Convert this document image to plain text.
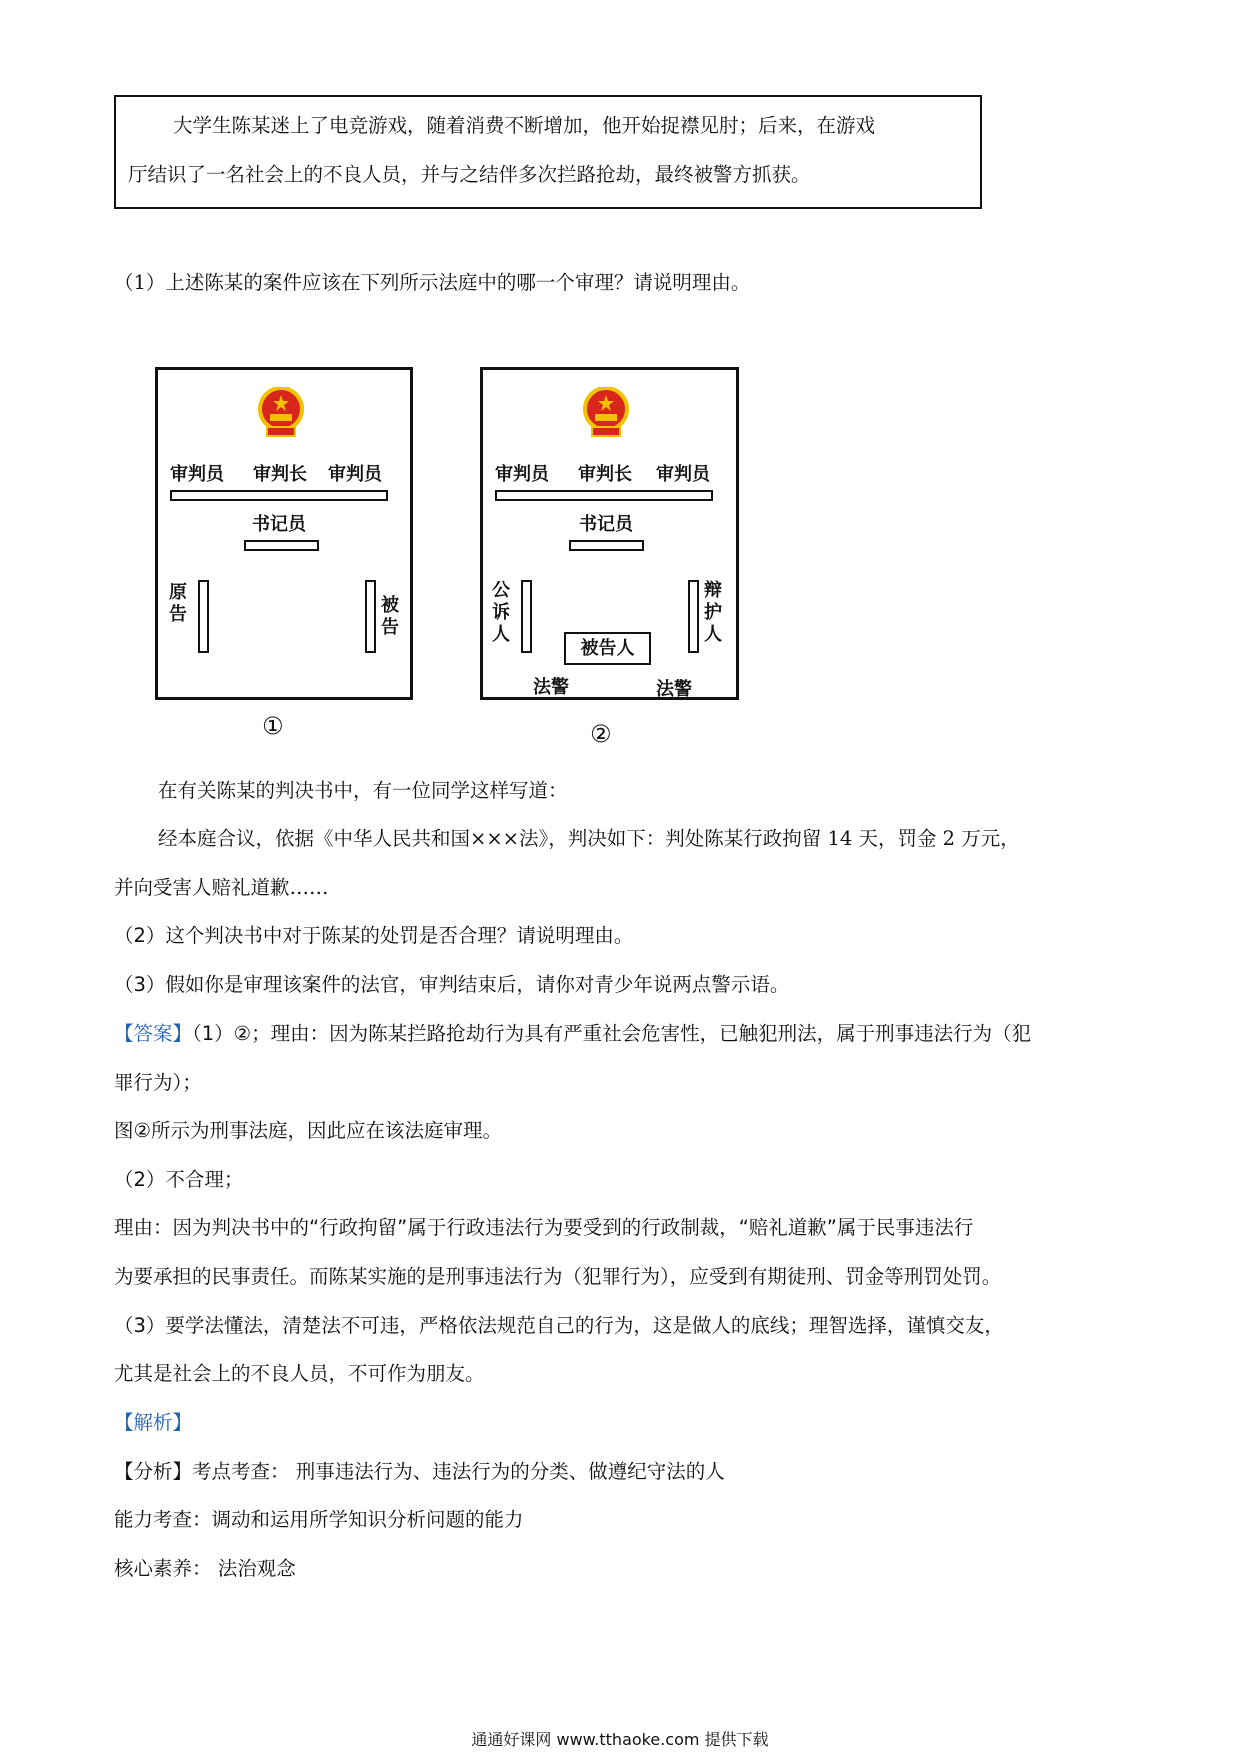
大学生陈某迷上了电竞游戏，随着消费不断增加，他开始捉襟见肘；后来，在游戏
厅结识了一名社会上的不良人员，并与之结伴多次拦路抢劫，最终被警方抓获。
（1）上述陈某的案件应该在下列所示法庭中的哪一个审理？请说明理由。
审判员 审判长 审判员
书记员
原
告	被
告
①
审判员 审判长 审判员
书记员
公
诉
人
被告人
辩
护
人
法警	法警
②
在有关陈某的判决书中，有一位同学这样写道：
经本庭合议，依据《中华人民共和国×××法》，判决如下：判处陈某行政拘留 14 天，罚金 2 万元，
并向受害人赔礼道歉……
（2）这个判决书中对于陈某的处罚是否合理？请说明理由。
（3）假如你是审理该案件的法官，审判结束后，请你对青少年说两点警示语。
【答案】（1）②；理由：因为陈某拦路抢劫行为具有严重社会危害性，已触犯刑法，属于刑事违法行为（犯
罪行为）；
图②所示为刑事法庭，因此应在该法庭审理。
（2）不合理；
理由：因为判决书中的“行政拘留”属于行政违法行为要受到的行政制裁，“赔礼道歉”属于民事违法行
为要承担的民事责任。而陈某实施的是刑事违法行为（犯罪行为），应受到有期徒刑、罚金等刑罚处罚。
（3）要学法懂法，清楚法不可违，严格依法规范自己的行为，这是做人的底线；理智选择，谨慎交友，
尤其是社会上的不良人员，不可作为朋友。
【解析】
【分析】考点考查： 刑事违法行为、违法行为的分类、做遵纪守法的人
能力考查：调动和运用所学知识分析问题的能力
核心素养： 法治观念
通通好课网 www.tthaoke.com 提供下载
